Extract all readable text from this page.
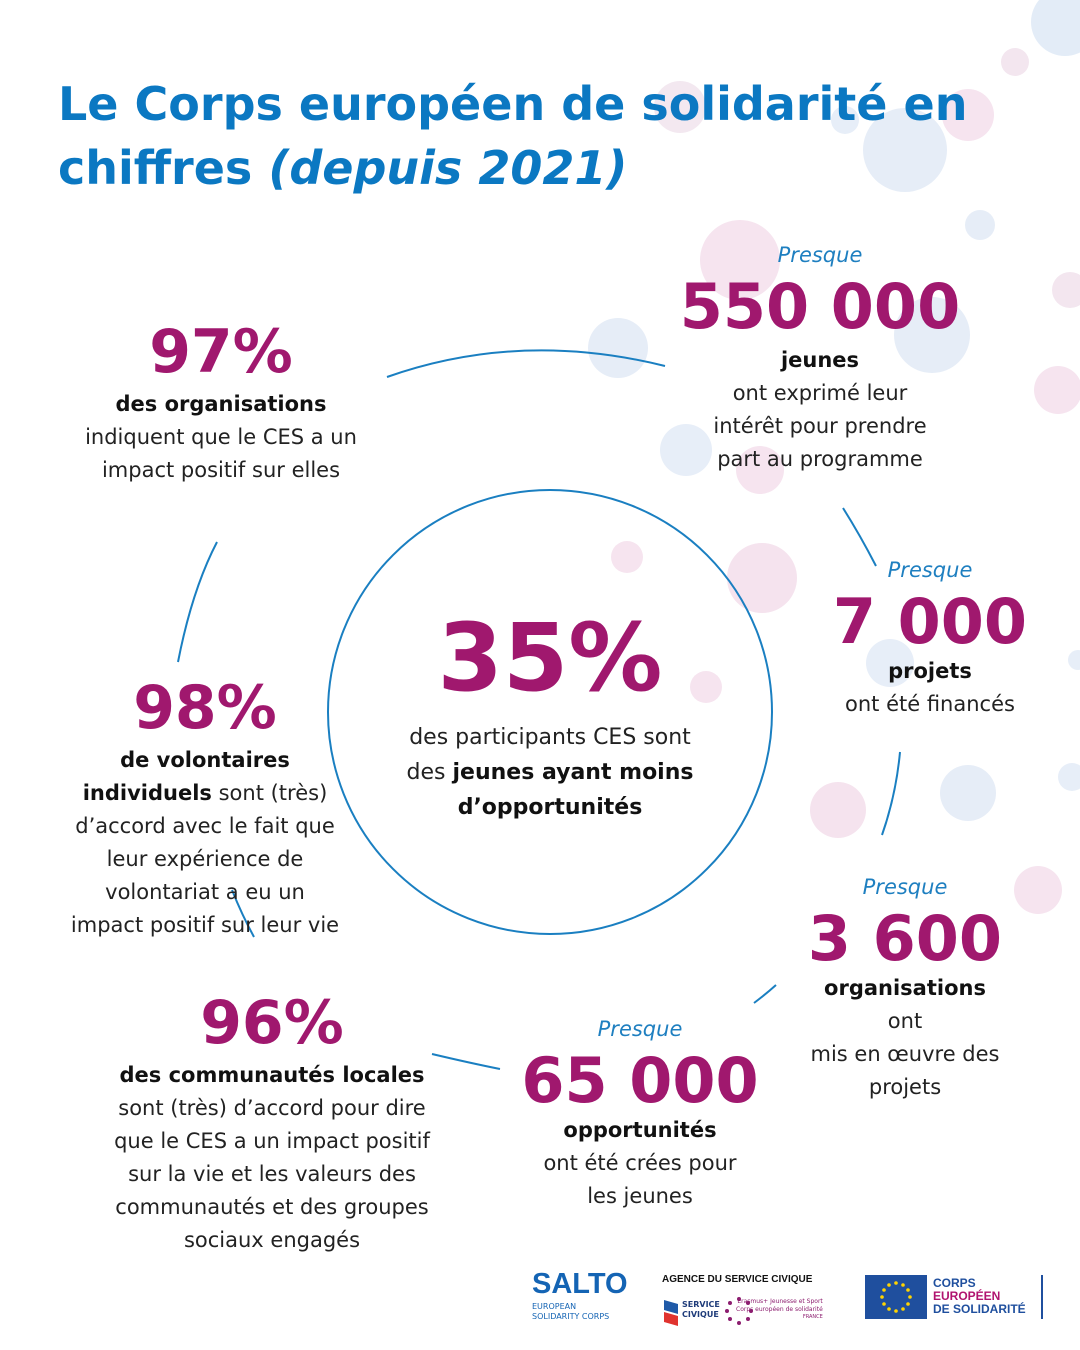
Le Corps européen de solidarité en chiffres (depuis 2021)
Presque
550 000
jeunes
ont exprimé leur
intérêt pour prendre
part au programme
97%
des organisations
indiquent que le CES a un
impact positif sur elles
Presque
7 000
projets
ont été financés
35%
des participants CES sont
des jeunes ayant moins
d’opportunités
98%
de volontaires
individuels sont (très)
d’accord avec le fait que
leur expérience de
volontariat a eu un
impact positif sur leur vie
Presque
3 600
organisations
ont
mis en œuvre des
projets
96%
des communautés locales
sont (très) d’accord pour dire
que le CES a un impact positif
sur la vie et les valeurs des
communautés et des groupes
sociaux engagés
Presque
65 000
opportunités
ont été crées pour
les jeunes
SALTO
EUROPEAN
SOLIDARITY CORPS
AGENCE DU SERVICE CIVIQUE
SERVICE
CIVIQUE
Erasmus+ Jeunesse et Sport
Corps européen de solidarité
FRANCE
CORPS
EUROPÉEN
DE SOLIDARITÉ
